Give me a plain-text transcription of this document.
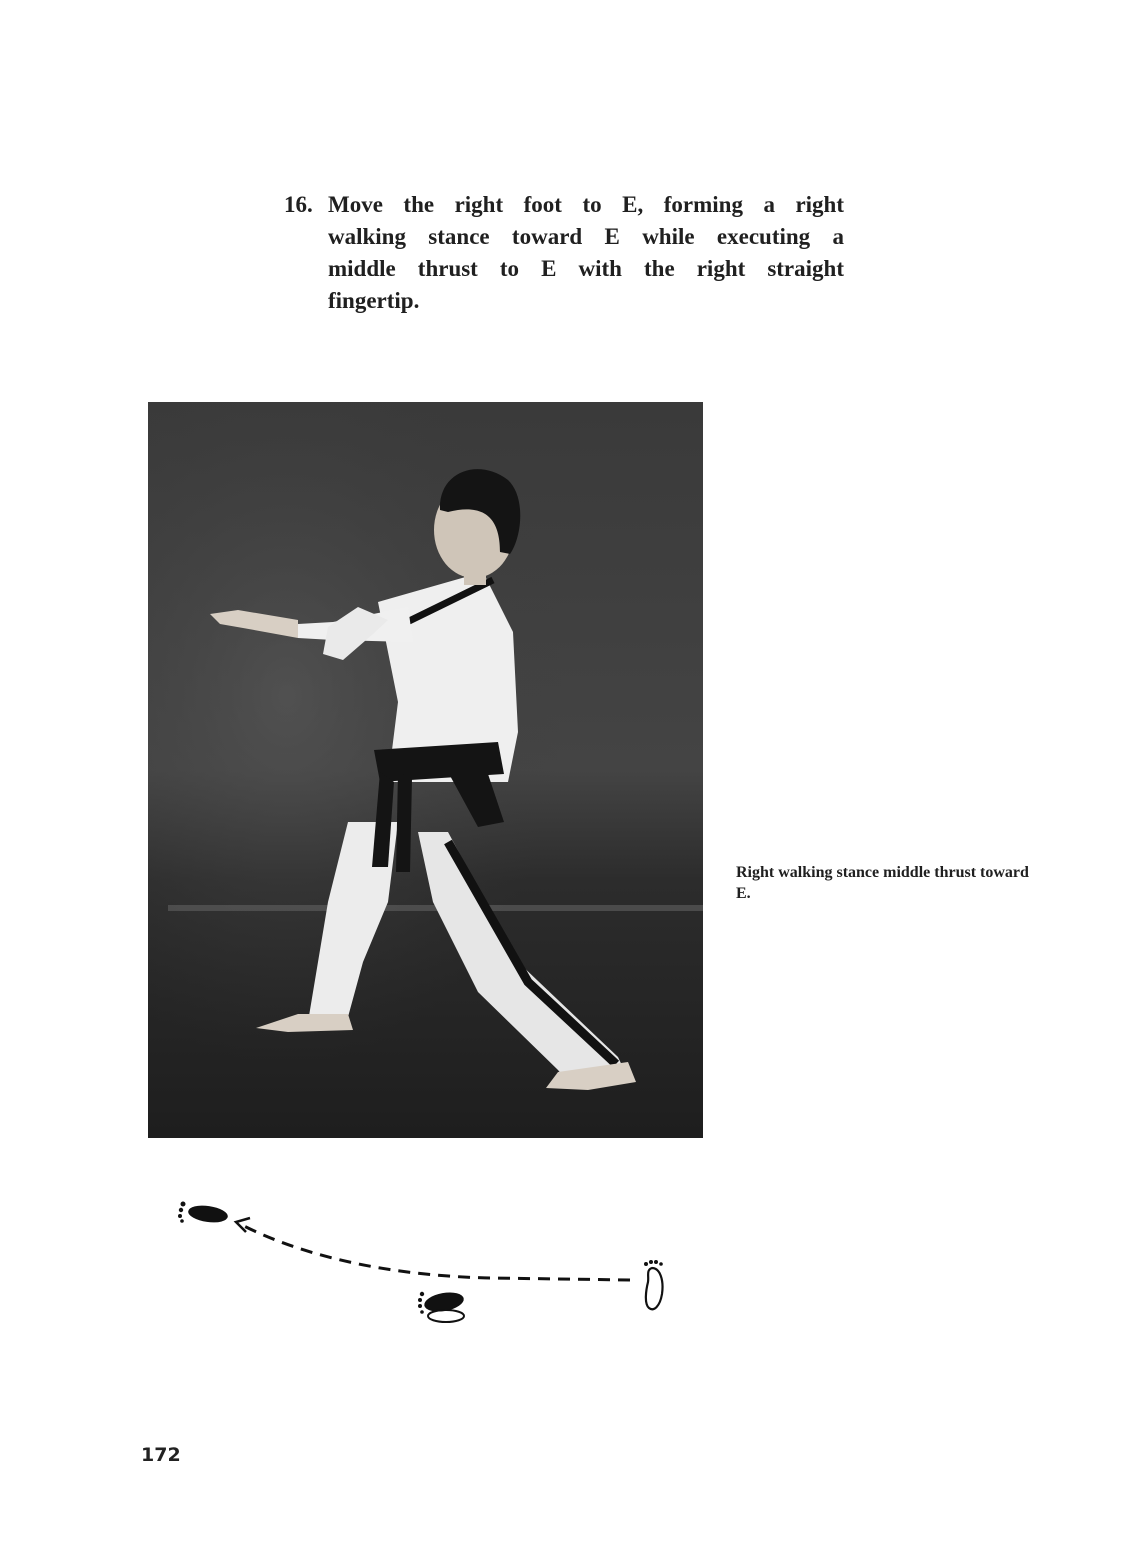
16. Move the right foot to E, forming a right walking stance toward E while executing a middle thrust to E with the right straight fingertip.
Right walking stance middle thrust toward E.
172
